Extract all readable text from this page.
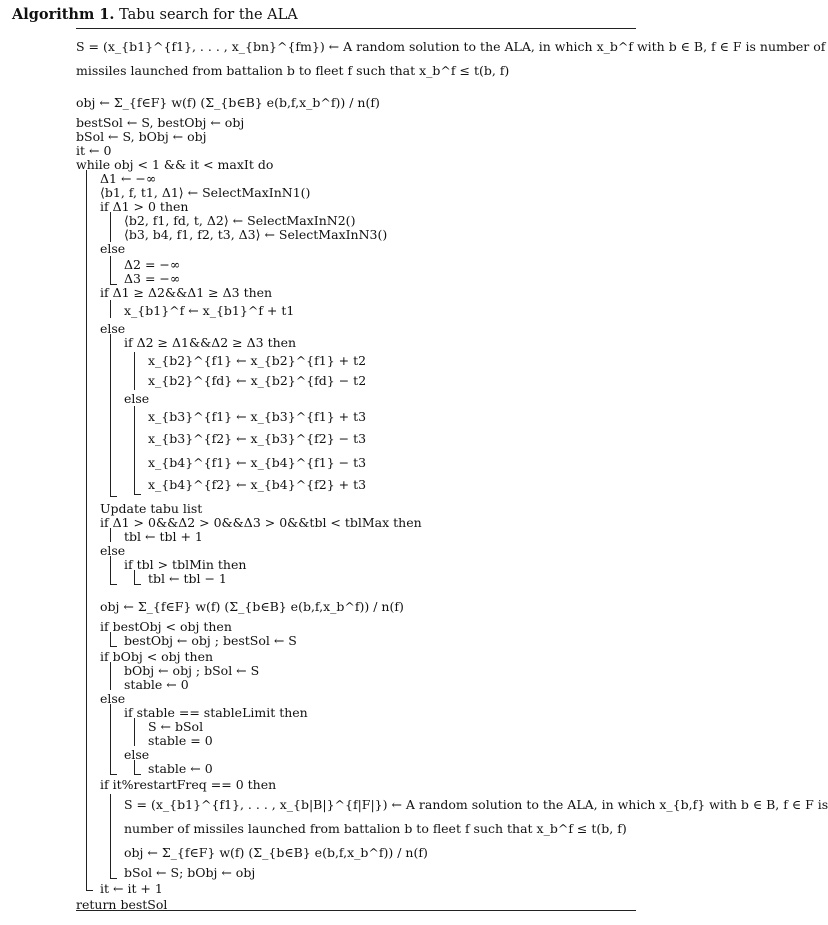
Algorithm 1. Tabu search for the ALA
S = (x_{b1}^{f1}, . . . , x_{bn}^{fm}) ← A random solution to the ALA, in which x_b^f with b ∈ B, f ∈ F is number of
missiles launched from battalion b to fleet f such that x_b^f ≤ t(b, f)
obj ← Σ_{f∈F} w(f) (Σ_{b∈B} e(b,f,x_b^f)) / n(f)
bestSol ← S, bestObj ← obj
bSol ← S, bObj ← obj
it ← 0
while obj < 1 && it < maxIt do
Δ1 ← −∞
⟨b1, f, t1, Δ1⟩ ← SelectMaxInN1()
if Δ1 > 0 then
⟨b2, f1, fd, t, Δ2⟩ ← SelectMaxInN2()
⟨b3, b4, f1, f2, t3, Δ3⟩ ← SelectMaxInN3()
else
Δ2 = −∞
Δ3 = −∞
if Δ1 ≥ Δ2&&Δ1 ≥ Δ3 then
x_{b1}^f ← x_{b1}^f + t1
else
if Δ2 ≥ Δ1&&Δ2 ≥ Δ3 then
x_{b2}^{f1} ← x_{b2}^{f1} + t2
x_{b2}^{fd} ← x_{b2}^{fd} − t2
else
x_{b3}^{f1} ← x_{b3}^{f1} + t3
x_{b3}^{f2} ← x_{b3}^{f2} − t3
x_{b4}^{f1} ← x_{b4}^{f1} − t3
x_{b4}^{f2} ← x_{b4}^{f2} + t3
Update tabu list
if Δ1 > 0&&Δ2 > 0&&Δ3 > 0&&tbl < tblMax then
tbl ← tbl + 1
else
if tbl > tblMin then
tbl ← tbl − 1
obj ← Σ_{f∈F} w(f) (Σ_{b∈B} e(b,f,x_b^f)) / n(f)
if bestObj < obj then
bestObj ← obj ; bestSol ← S
if bObj < obj then
bObj ← obj ; bSol ← S
stable ← 0
else
if stable == stableLimit then
S ← bSol
stable = 0
else
stable ← 0
if it%restartFreq == 0 then
S = (x_{b1}^{f1}, . . . , x_{b|B|}^{f|F|}) ← A random solution to the ALA, in which x_{b,f} with b ∈ B, f ∈ F is
number of missiles launched from battalion b to fleet f such that x_b^f ≤ t(b, f)
obj ← Σ_{f∈F} w(f) (Σ_{b∈B} e(b,f,x_b^f)) / n(f)
bSol ← S; bObj ← obj
it ← it + 1
return bestSol
